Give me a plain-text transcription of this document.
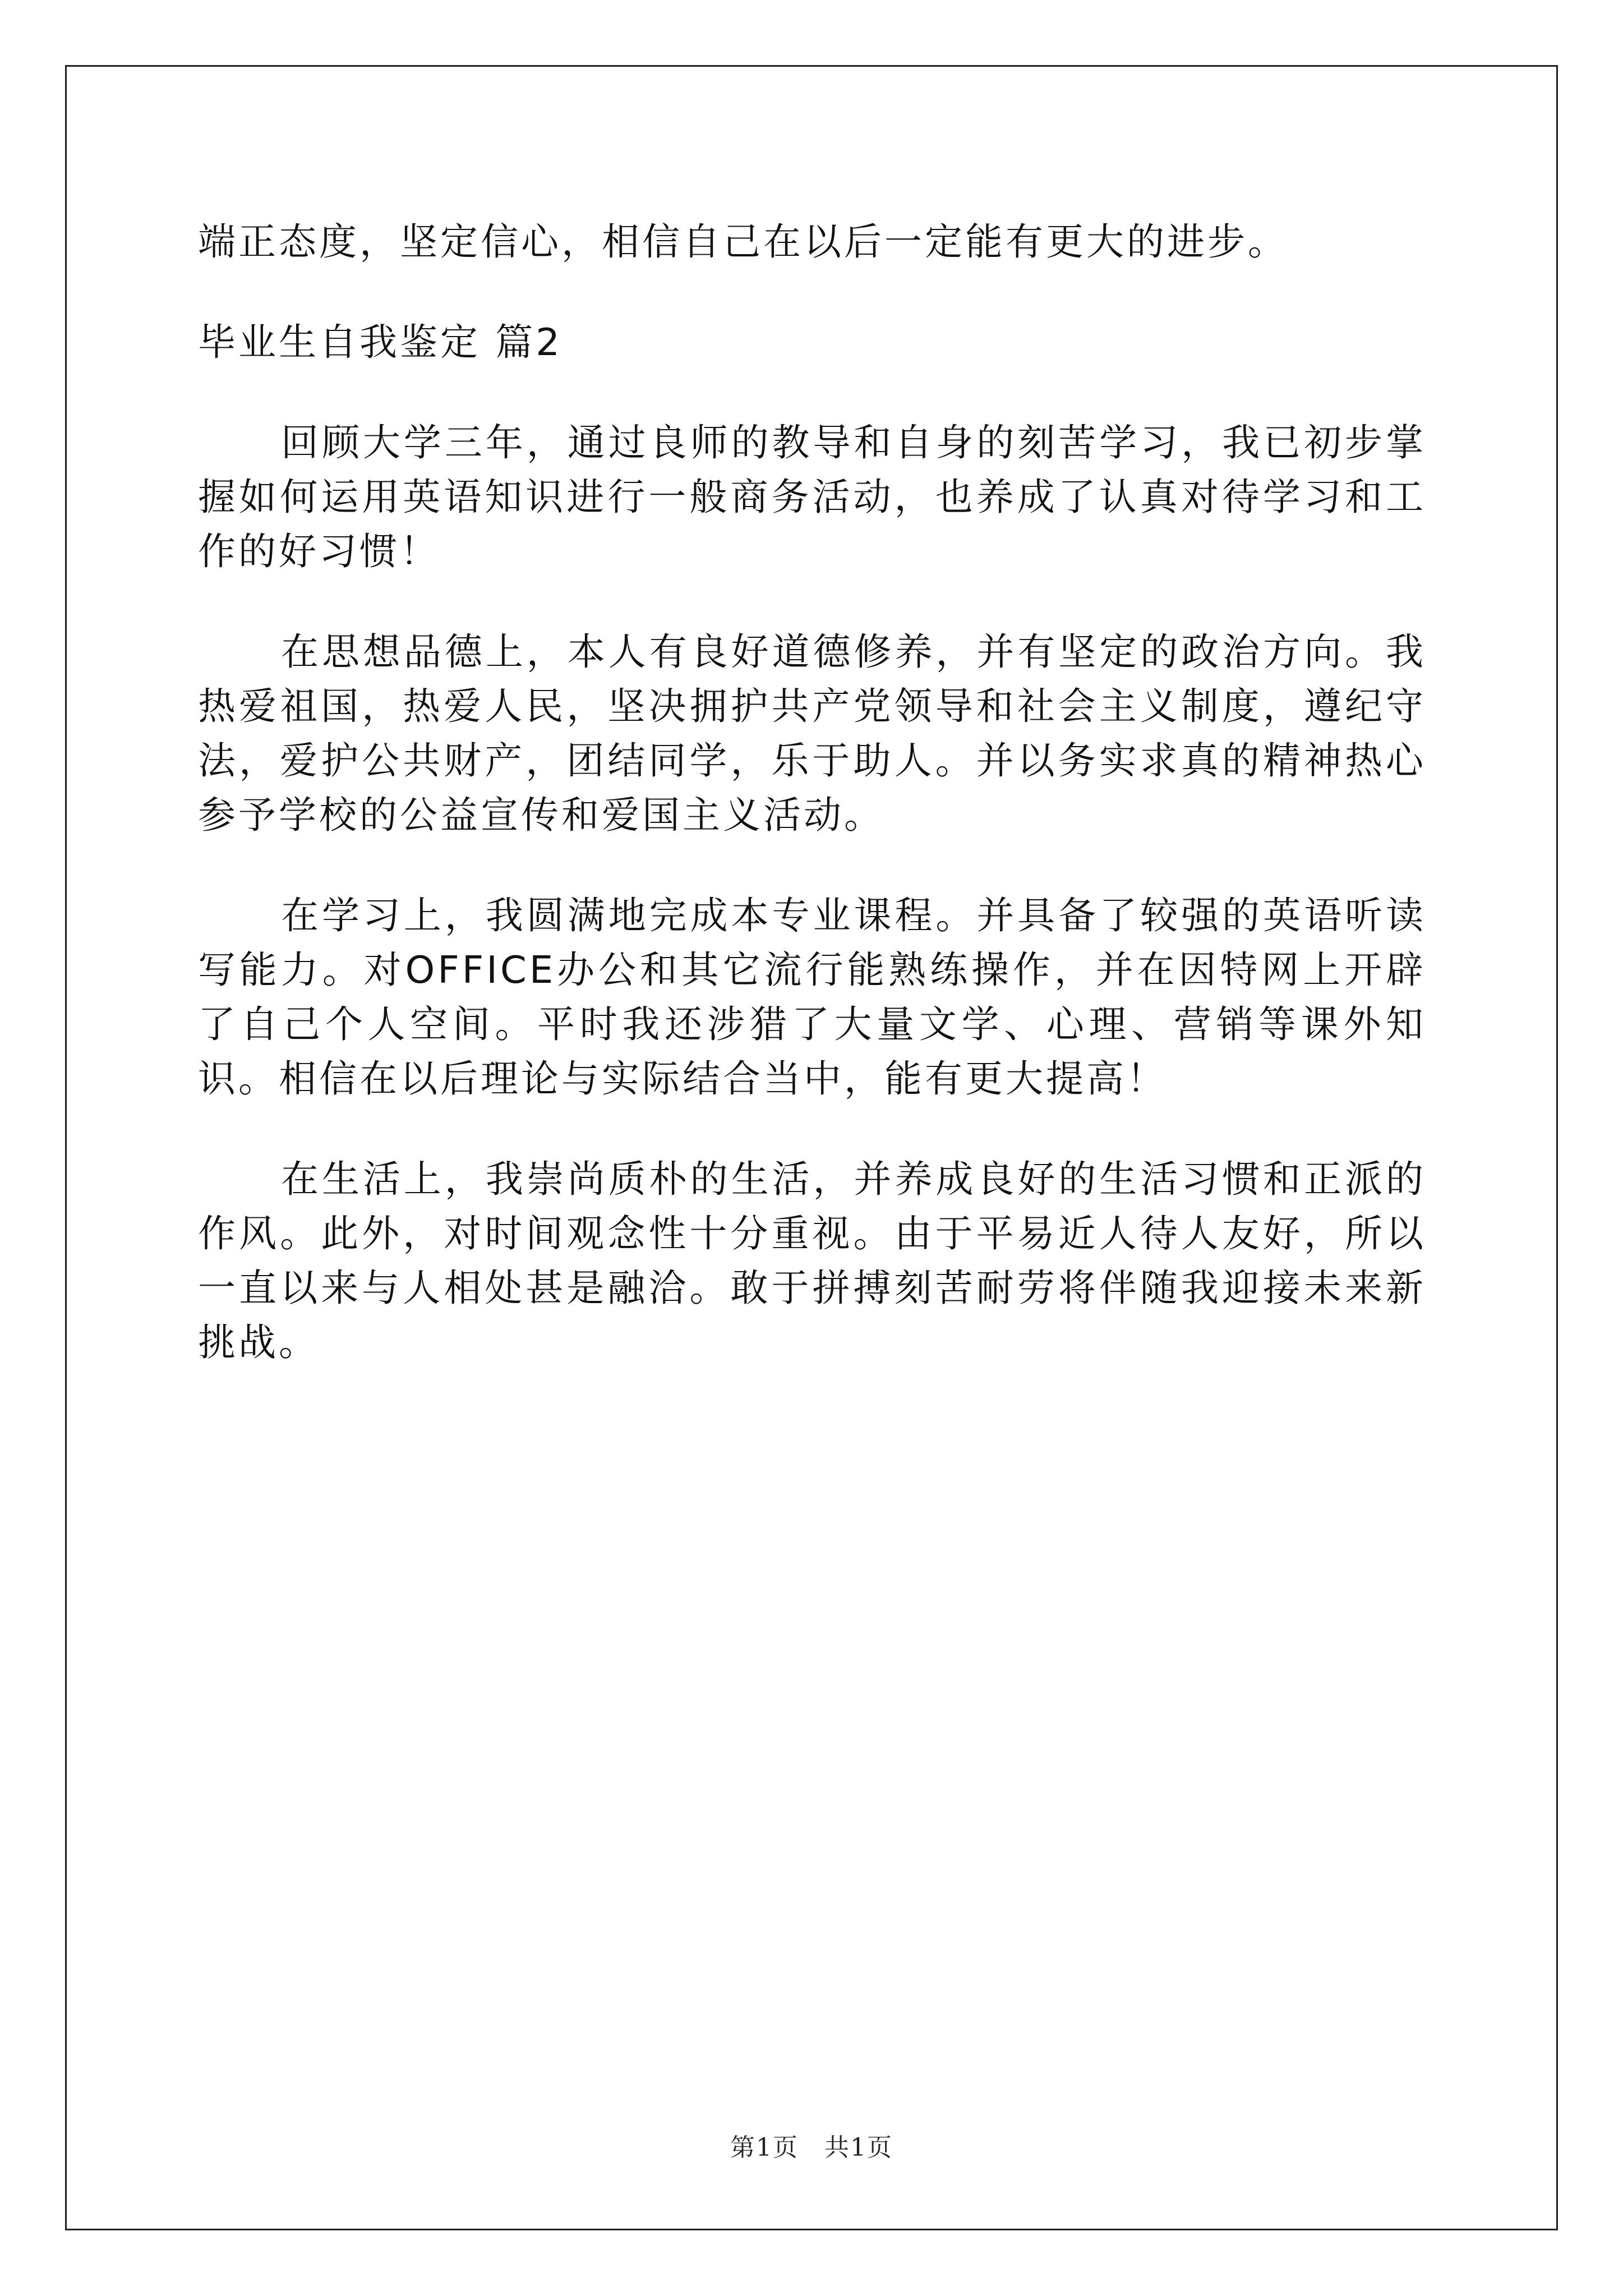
端正态度，坚定信心，相信自己在以后一定能有更大的进步。

毕业生自我鉴定 篇2

回顾大学三年，通过良师的教导和自身的刻苦学习，我已初步掌握如何运用英语知识进行一般商务活动，也养成了认真对待学习和工作的好习惯！

在思想品德上，本人有良好道德修养，并有坚定的政治方向。我热爱祖国，热爱人民，坚决拥护共产党领导和社会主义制度，遵纪守法，爱护公共财产，团结同学，乐于助人。并以务实求真的精神热心参予学校的公益宣传和爱国主义活动。

在学习上，我圆满地完成本专业课程。并具备了较强的英语听读写能力。对OFFICE办公和其它流行能熟练操作，并在因特网上开辟了自己个人空间。平时我还涉猎了大量文学、心理、营销等课外知识。相信在以后理论与实际结合当中，能有更大提高！

在生活上，我崇尚质朴的生活，并养成良好的生活习惯和正派的作风。此外，对时间观念性十分重视。由于平易近人待人友好，所以一直以来与人相处甚是融洽。敢于拼搏刻苦耐劳将伴随我迎接未来新挑战。

第1页　共1页
